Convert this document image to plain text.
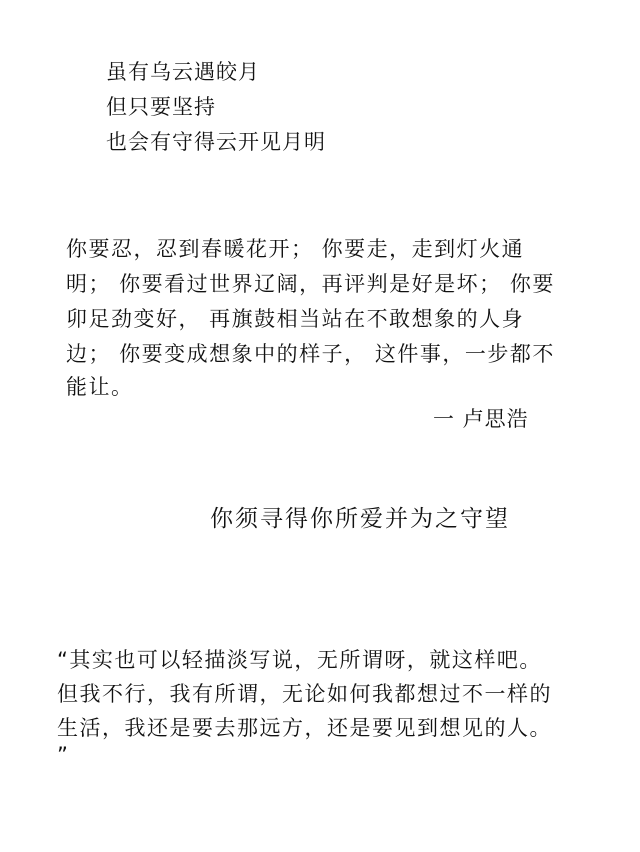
虽有乌云遇皎月

但只要坚持

也会有守得云开见月明

你要忍，忍到春暖花开； 你要走，走到灯火通

明； 你要看过世界辽阔，再评判是好是坏； 你要

卯足劲变好， 再旗鼓相当站在不敢想象的人身

边； 你要变成想象中的样子， 这件事，一步都不

能让。

一 卢思浩

你须寻得你所爱并为之守望

“其实也可以轻描淡写说，无所谓呀，就这样吧。

但我不行，我有所谓，无论如何我都想过不一样的

生活，我还是要去那远方，还是要见到想见的人。

”
